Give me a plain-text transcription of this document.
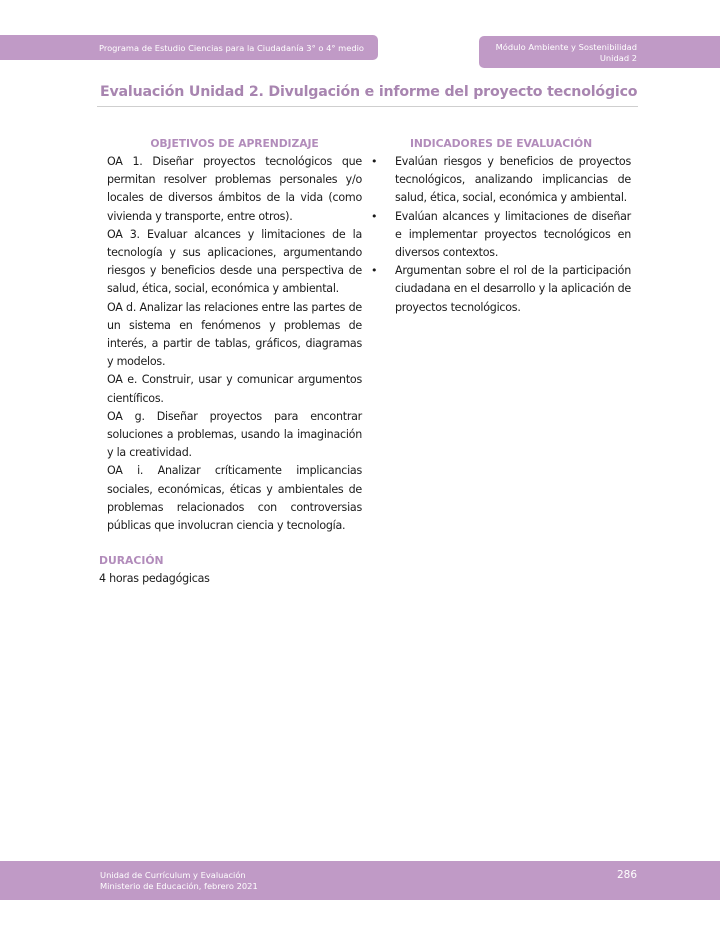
Programa de Estudio Ciencias para la Ciudadanía 3° o 4° medio	Módulo Ambiente y Sostenibilidad
Unidad 2
Evaluación Unidad 2. Divulgación e informe del proyecto tecnológico
OBJETIVOS DE APRENDIZAJE
OA 1. Diseñar proyectos tecnológicos que permitan resolver problemas personales y/o locales de diversos ámbitos de la vida (como vivienda y transporte, entre otros).
OA 3. Evaluar alcances y limitaciones de la tecnología y sus aplicaciones, argumentando riesgos y beneficios desde una perspectiva de salud, ética, social, económica y ambiental.
OA d. Analizar las relaciones entre las partes de un sistema en fenómenos y problemas de interés, a partir de tablas, gráficos, diagramas y modelos.
OA e. Construir, usar y comunicar argumentos científicos.
OA g. Diseñar proyectos para encontrar soluciones a problemas, usando la imaginación y la creatividad.
OA i. Analizar críticamente implicancias sociales, económicas, éticas y ambientales de problemas relacionados con controversias públicas que involucran ciencia y tecnología.
INDICADORES DE EVALUACIÓN
• Evalúan riesgos y beneficios de proyectos tecnológicos, analizando implicancias de salud, ética, social, económica y ambiental.
• Evalúan alcances y limitaciones de diseñar e implementar proyectos tecnológicos en diversos contextos.
• Argumentan sobre el rol de la participación ciudadana en el desarrollo y la aplicación de proyectos tecnológicos.
DURACIÓN
4 horas pedagógicas
Unidad de Currículum y Evaluación
Ministerio de Educación, febrero 2021
286
